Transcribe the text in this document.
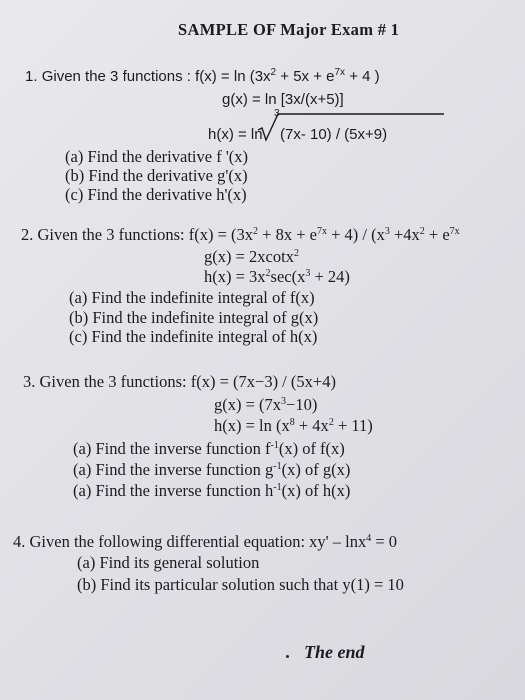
SAMPLE OF Major Exam # 1
1. Given the 3 functions : $f(x) = \ln (3x^2 + 5x + e^{7x} + 4$ )
g(x) = ln [3x/(x+5)]
h(x) = ln
3
(7x- 10) / (5x+9)
(a) Find the derivative f '(x)
(b) Find the derivative g'(x)
(c) Find the derivative h'(x)
2. Given the 3 functions: $f(x) = (3x^2 + 8x + e^{7x} + 4) / (x^3 +4x^2 + e^{7x}$
g(x) = 2xcotx$^2$
$h(x) = 3x^2\sec(x^3 + 24)$
(a) Find the indefinite integral of f(x)
(b) Find the indefinite integral of g(x)
(c) Find the indefinite integral of h(x)
3. Given the 3 functions: f(x) = (7x−3) / (5x+4)
$g(x) = (7x^3-10)$
$h(x) = \ln (x^8 + 4x^2 + 11)$
(a) Find the inverse function $f^{-1}(x)$ of f(x)
(a) Find the inverse function $g^{-1}(x)$ of g(x)
(a) Find the inverse function $h^{-1}(x)$ of h(x)
4. Given the following differential equation: xy' – lnx$^4$ = 0
(a) Find its general solution
(b) Find its particular solution such that y(1) = 10
The end
